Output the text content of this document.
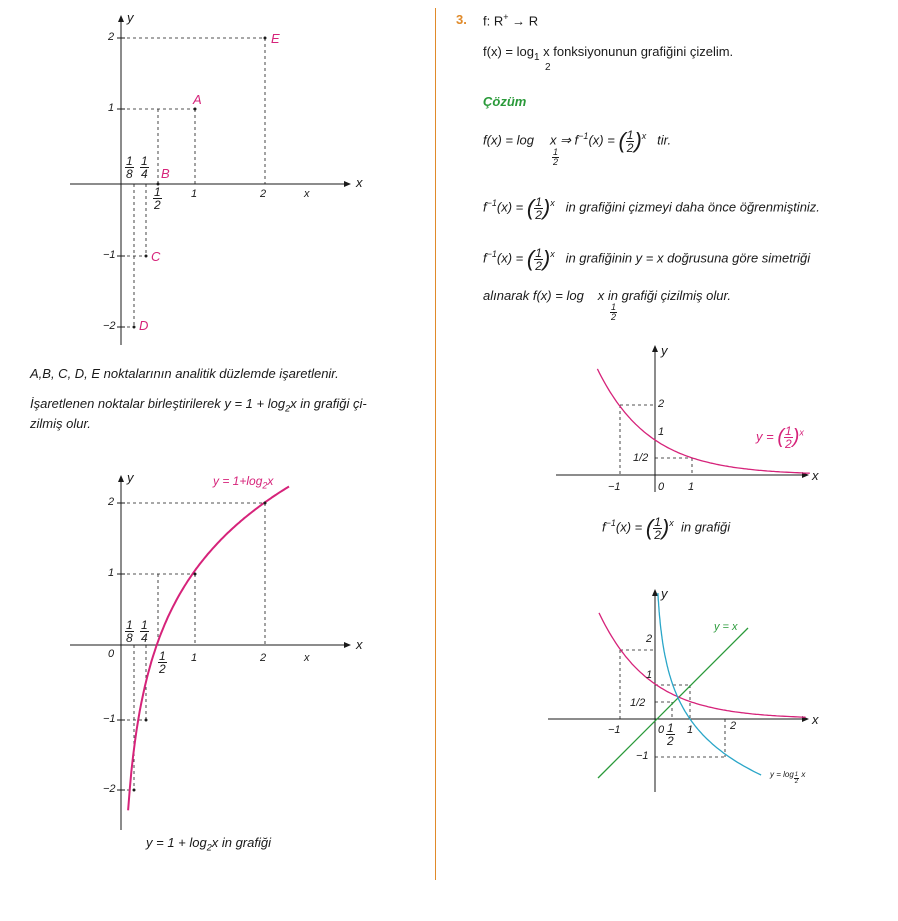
y
x
2
1
−1
−2
1	2	x
$\frac{1}{8} \frac{1}{4}$
$\frac{1}{2}$
A
B
C
D
E
A,B, C, D, E noktalarının analitik düzlemde işaretlenir.
İşaretlenen noktalar birleştirilerek $y = 1 + \log_2x$ in grafiği çi-
zilmiş olur.
y
x
$y = 1+\log_2x$
2
1
0
−1
−2
1	2	x
$\frac{1}{8} \frac{1}{4}$
$\frac{1}{2}$
$y = 1 + \log_2x$ in grafiği
3. f: R+ → R
$f(x) = \log_1 x$ fonksiyonunun grafiğini çizelim.
2
Çözüm
f(x) = log x ⇒ $f^{-1}(x)$ = ( $\frac{1}{2} )^x$ tir.
$\frac{1}{2}$
$f^{-1}(x)$ = ( $\frac{1}{2} )^x$ in grafiğini çizmeyi daha önce öğrenmiştiniz.
$f^{-1}(x)$ = ( $\frac{1}{2} )^x$ in grafiğinin y = x doğrusuna göre simetriği
alınarak f(x) = log x in grafiği çizilmiş olur.
$\frac{1}{2}$
y
x
2
1
1/2
−1	0 1
y = ( $\frac{1}{2} )^x$
$f^{-1}(x)$ = ( $\frac{1}{2} )^x$ in grafiği
y
x
y = x
2
1
1/2
−1
−1	$0 \frac{1}{2} 1$	2
$y = \log \frac{1}{2}$ x
